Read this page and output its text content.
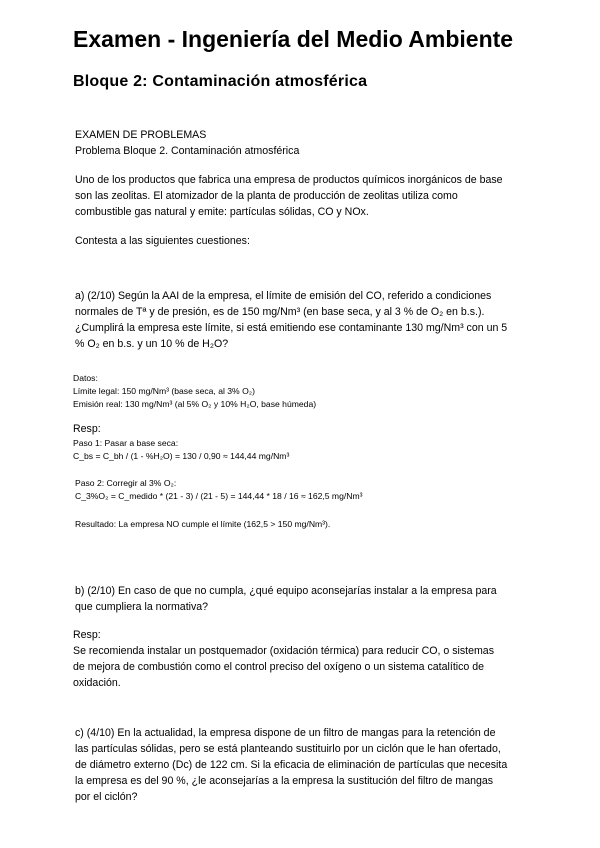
Examen - Ingeniería del Medio Ambiente
Bloque 2: Contaminación atmosférica
EXAMEN DE PROBLEMAS
Problema Bloque 2. Contaminación atmosférica
Uno de los productos que fabrica una empresa de productos químicos inorgánicos de base
son las zeolitas. El atomizador de la planta de producción de zeolitas utiliza como
combustible gas natural y emite: partículas sólidas, CO y NOx.
Contesta a las siguientes cuestiones:
a) (2/10) Según la AAI de la empresa, el límite de emisión del CO, referido a condiciones
normales de Tª y de presión, es de 150 mg/Nm³ (en base seca, y al 3 % de O₂ en b.s.).
¿Cumplirá la empresa este límite, si está emitiendo ese contaminante 130 mg/Nm³ con un 5
% O₂ en b.s. y un 10 % de H₂O?
Datos:
Límite legal: 150 mg/Nm³ (base seca, al 3% O₂)
Emisión real: 130 mg/Nm³ (al 5% O₂ y 10% H₂O, base húmeda)
Resp:
Paso 1: Pasar a base seca:
C_bs = C_bh / (1 - %H₂O) = 130 / 0,90 ≈ 144,44 mg/Nm³
Paso 2: Corregir al 3% O₂:
C_3%O₂ = C_medido * (21 - 3) / (21 - 5) = 144,44 * 18 / 16 ≈ 162,5 mg/Nm³
Resultado: La empresa NO cumple el límite (162,5 > 150 mg/Nm³).
b) (2/10) En caso de que no cumpla, ¿qué equipo aconsejarías instalar a la empresa para
que cumpliera la normativa?
Resp:
Se recomienda instalar un postquemador (oxidación térmica) para reducir CO, o sistemas
de mejora de combustión como el control preciso del oxígeno o un sistema catalítico de
oxidación.
c) (4/10) En la actualidad, la empresa dispone de un filtro de mangas para la retención de
las partículas sólidas, pero se está planteando sustituirlo por un ciclón que le han ofertado,
de diámetro externo (Dc) de 122 cm. Si la eficacia de eliminación de partículas que necesita
la empresa es del 90 %, ¿le aconsejarías a la empresa la sustitución del filtro de mangas
por el ciclón?
